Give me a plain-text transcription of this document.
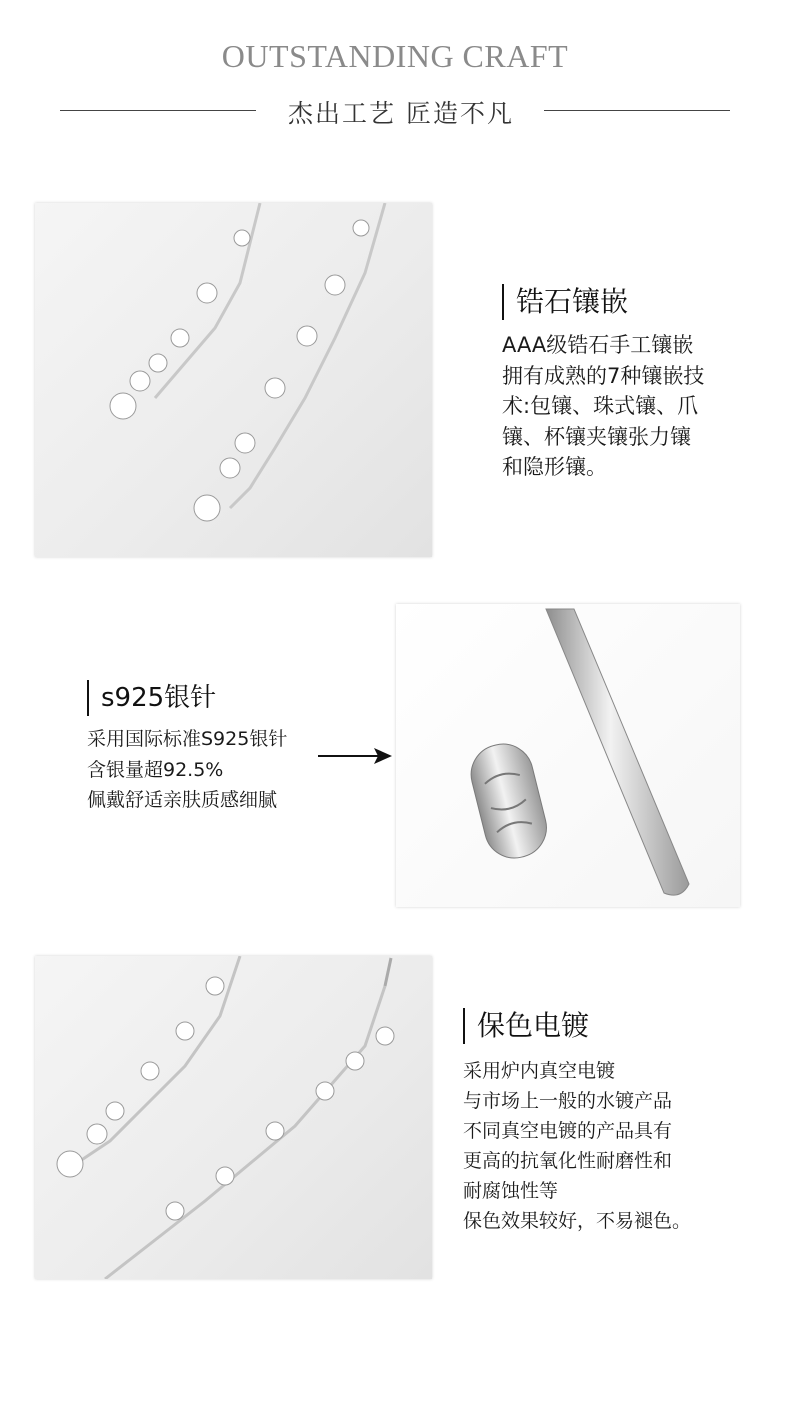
OUTSTANDING CRAFT
杰出工艺 匠造不凡
锆石镶嵌
AAA级锆石手工镶嵌
拥有成熟的7种镶嵌技
术:包镶、珠式镶、爪
镶、杯镶夹镶张力镶
和隐形镶。
s925银针
采用国际标准S925银针
含银量超92.5%
佩戴舒适亲肤质感细腻
保色电镀
采用炉内真空电镀
与市场上一般的水镀产品
不同真空电镀的产品具有
更高的抗氧化性耐磨性和
耐腐蚀性等
保色效果较好，不易褪色。
